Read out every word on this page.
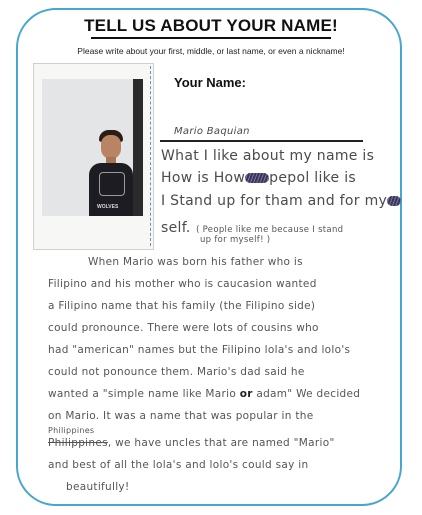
TELL US ABOUT YOUR NAME!
Please write about your first, middle, or last name, or even a nickname!
WOLVES
Your Name:
Mario Baquian
What I like about my name is
How is How pepol like is
I Stand up for tham and for my
self. ( People like me because I stand
up for myself! )
When Mario was born his father who is
Filipino and his mother who is caucasion wanted
a Filipino name that his family (the Filipino side)
could pronounce. There were lots of cousins who
had "american" names but the Filipino lola's and lolo's
could not ponounce them. Mario's dad said he
wanted a "simple name like Mario or adam" We decided
on Mario. It was a name that was popular in the
Philippines
Philippines, we have uncles that are named "Mario"
and best of all the lola's and lolo's could say in
beautifully!
